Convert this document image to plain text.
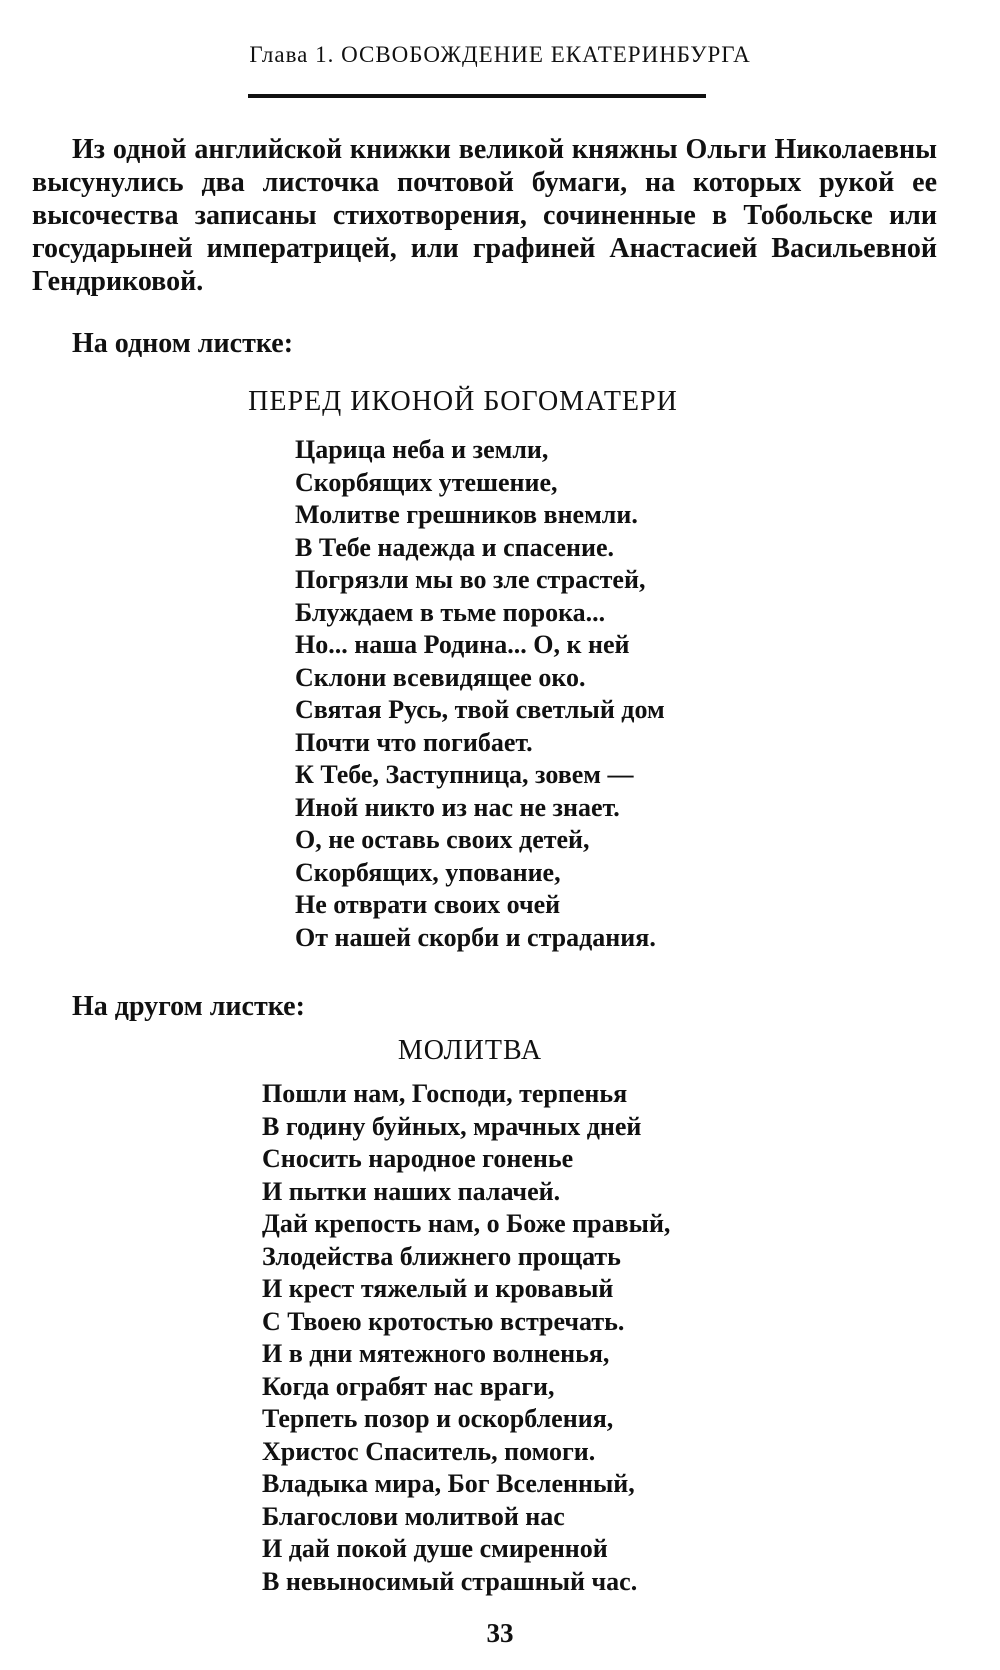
Глава 1. ОСВОБОЖДЕНИЕ ЕКАТЕРИНБУРГА

Из одной английской книжки великой княжны Ольги Николаевны высунулись два листочка почтовой бумаги, на которых рукой ее высочества записаны стихотворения, сочиненные в Тобольске или государыней императрицей, или графиней Анастасией Васильевной Гендриковой.

На одном листке:

ПЕРЕД ИКОНОЙ БОГОМАТЕРИ
Царица неба и земли,
Скорбящих утешение,
Молитве грешников внемли.
В Тебе надежда и спасение.
Погрязли мы во зле страстей,
Блуждаем в тьме порока...
Но... наша Родина... О, к ней
Склони всевидящее око.
Святая Русь, твой светлый дом
Почти что погибает.
К Тебе, Заступница, зовем —
Иной никто из нас не знает.
О, не оставь своих детей,
Скорбящих, упование,
Не отврати своих очей
От нашей скорби и страдания.

На другом листке:

МОЛИТВА
Пошли нам, Господи, терпенья
В годину буйных, мрачных дней
Сносить народное гоненье
И пытки наших палачей.
Дай крепость нам, о Боже правый,
Злодейства ближнего прощать
И крест тяжелый и кровавый
С Твоею кротостью встречать.
И в дни мятежного волненья,
Когда ограбят нас враги,
Терпеть позор и оскорбления,
Христос Спаситель, помоги.
Владыка мира, Бог Вселенный,
Благослови молитвой нас
И дай покой душе смиренной
В невыносимый страшный час.

33
